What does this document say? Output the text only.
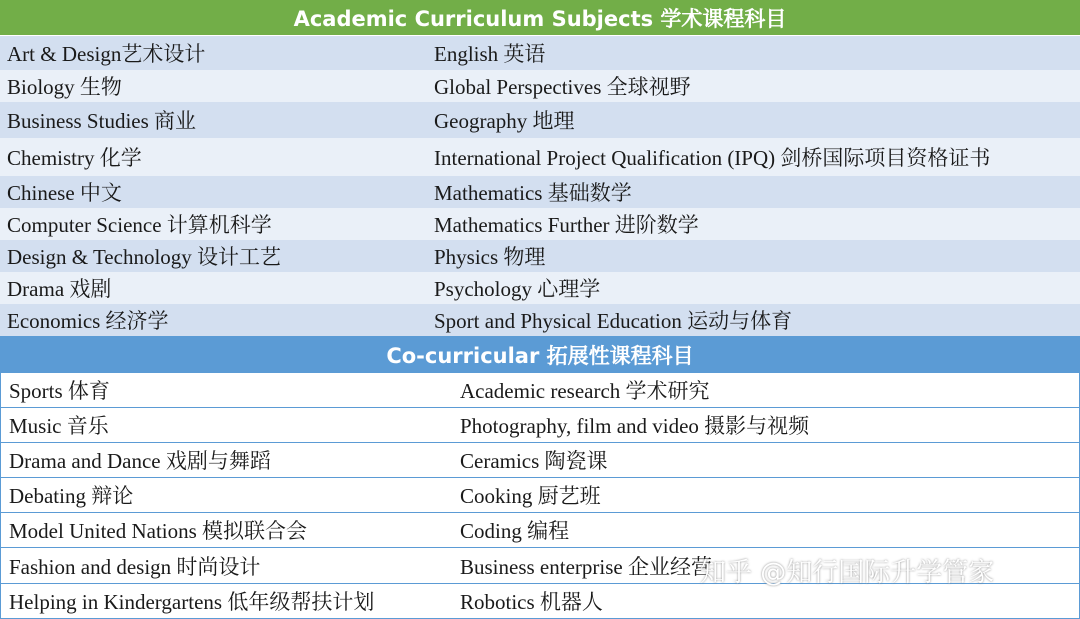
Academic Curriculum Subjects 学术课程科目
Art & Design艺术设计	English 英语
Biology 生物	Global Perspectives 全球视野
Business Studies 商业	Geography 地理
Chemistry 化学	International Project Qualification (IPQ) 剑桥国际项目资格证书
Chinese 中文	Mathematics 基础数学
Computer Science 计算机科学	Mathematics Further 进阶数学
Design & Technology 设计工艺	Physics 物理
Drama 戏剧	Psychology 心理学
Economics 经济学	Sport and Physical Education 运动与体育
Co-curricular 拓展性课程科目
Sports 体育	Academic research 学术研究
Music 音乐	Photography, film and video 摄影与视频
Drama and Dance 戏剧与舞蹈	Ceramics 陶瓷课
Debating 辩论	Cooking 厨艺班
Model United Nations 模拟联合会	Coding 编程
Fashion and design 时尚设计	Business enterprise 企业经营
Helping in Kindergartens 低年级帮扶计划	Robotics 机器人
知乎 @知行国际升学管家
